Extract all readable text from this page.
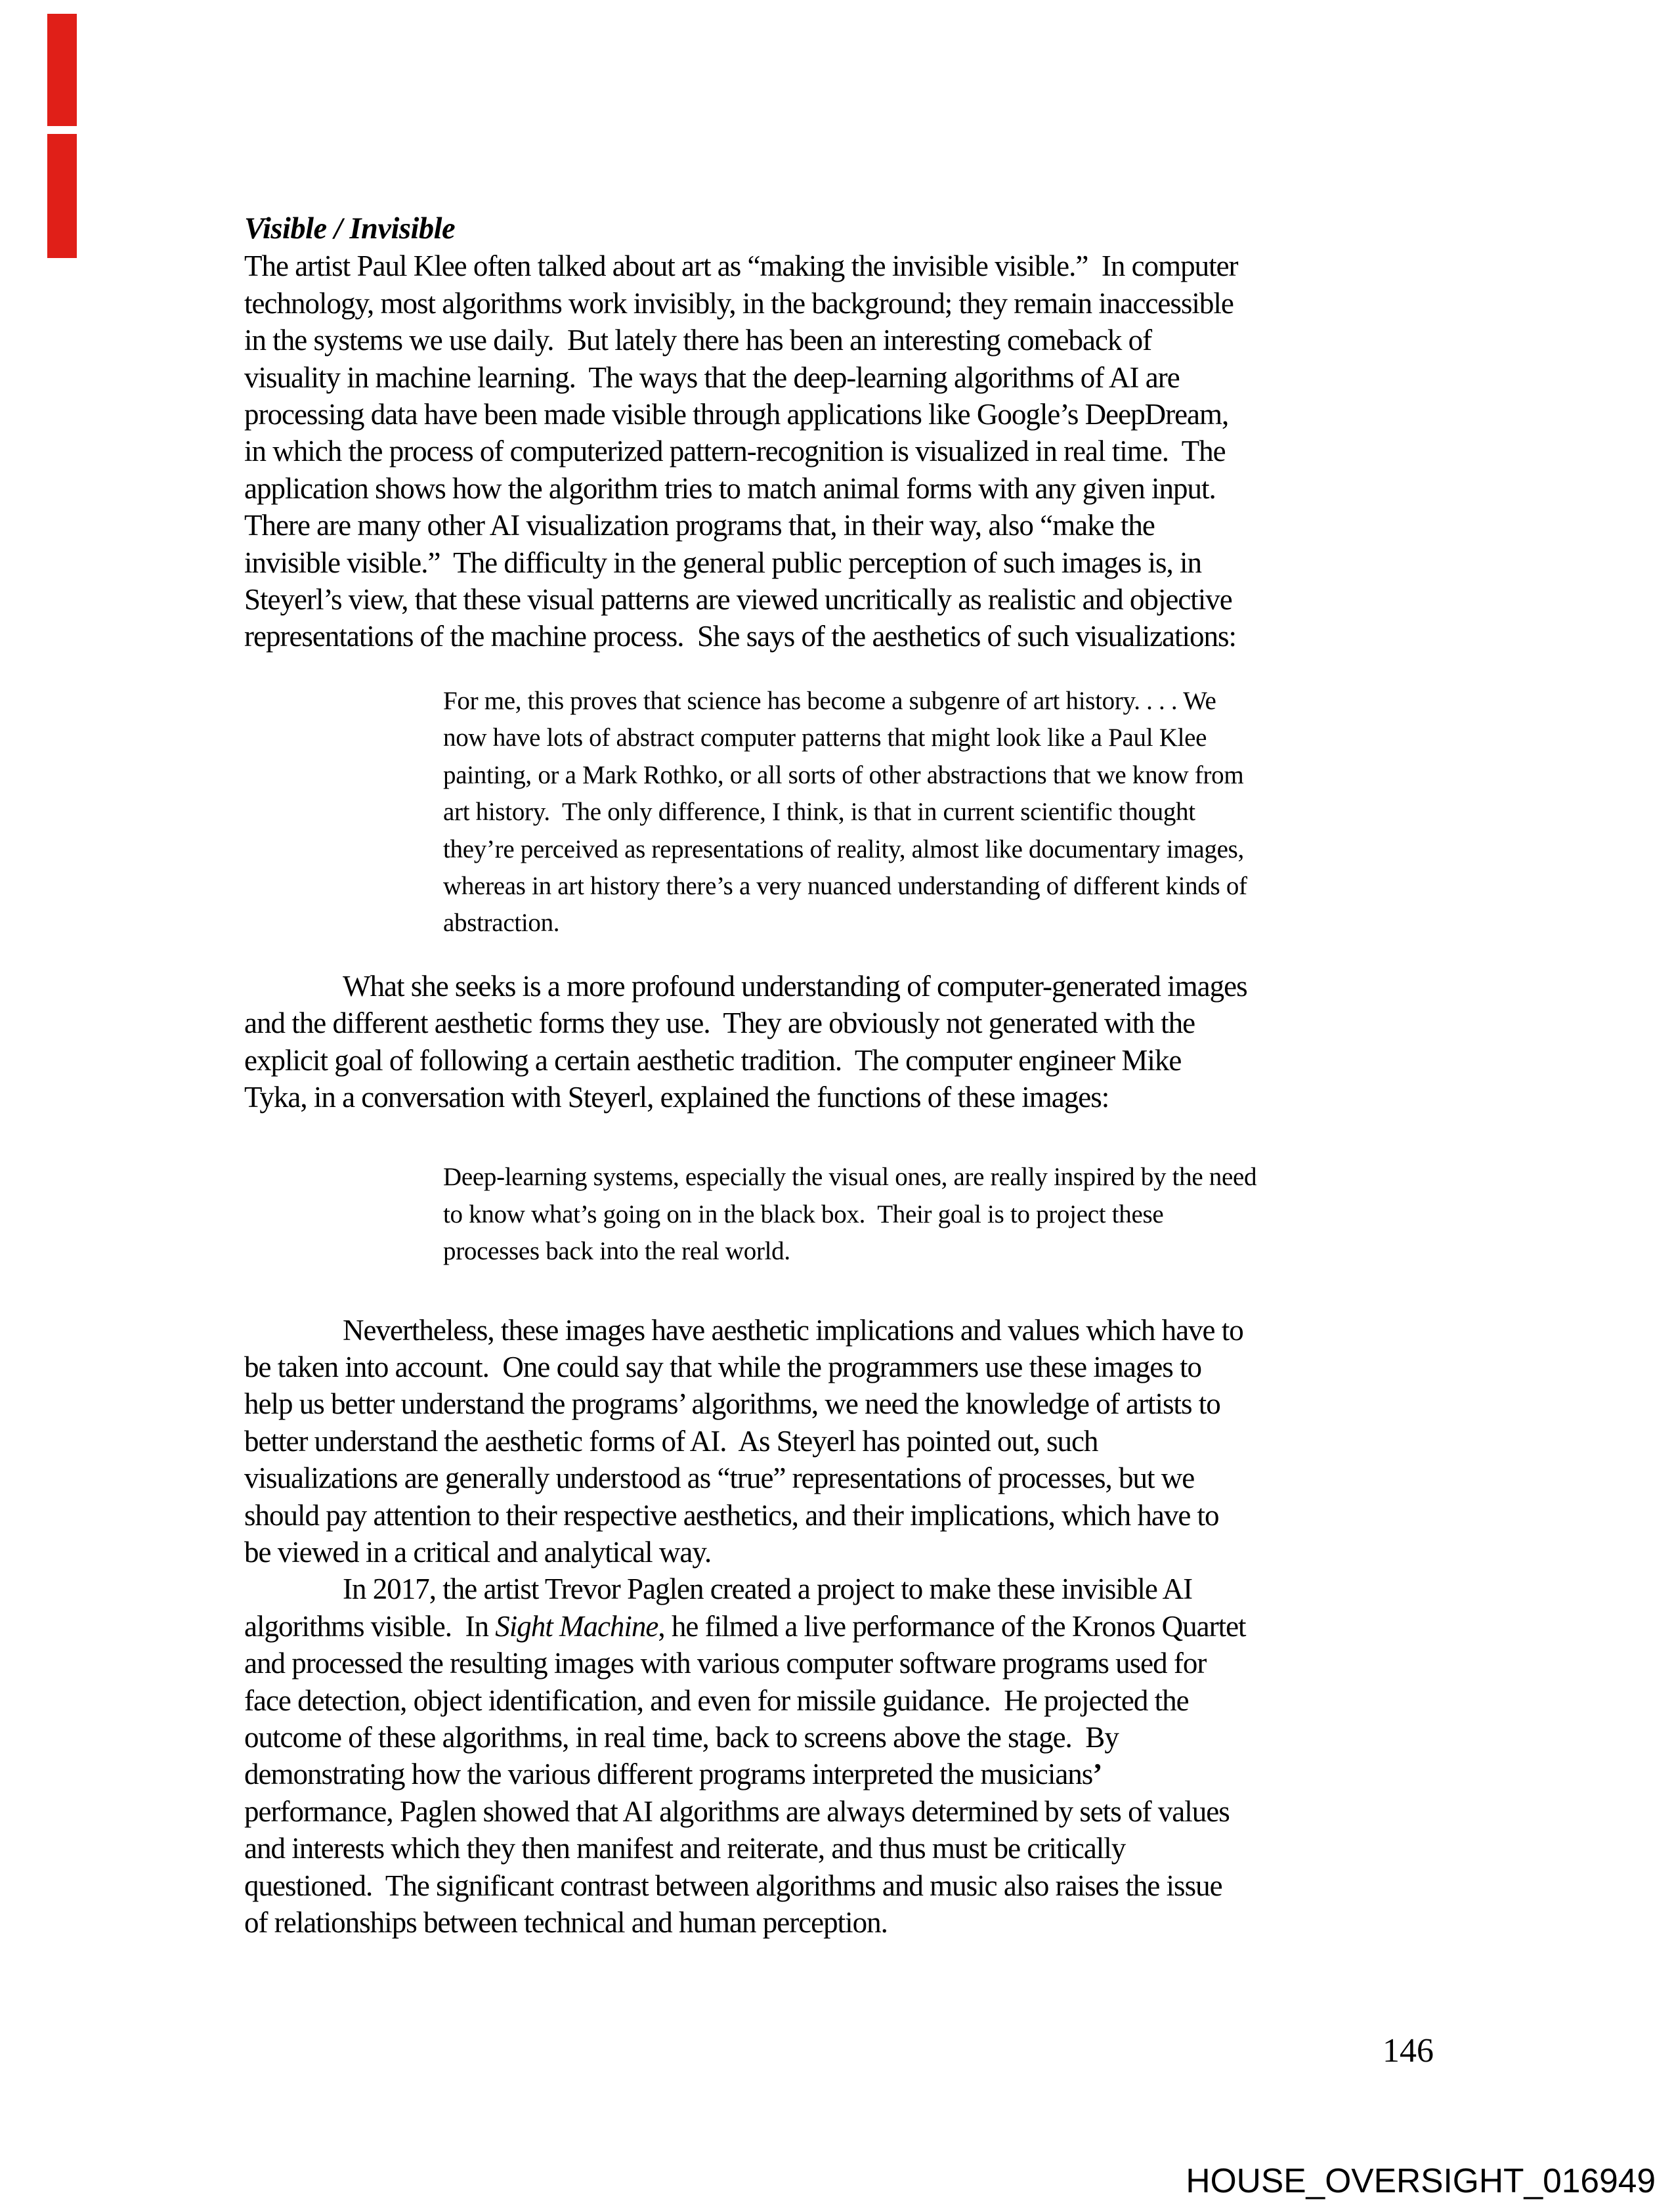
Visible / Invisible
The artist Paul Klee often talked about art as “making the invisible visible.”  In computer
technology, most algorithms work invisibly, in the background; they remain inaccessible
in the systems we use daily.  But lately there has been an interesting comeback of
visuality in machine learning.  The ways that the deep-learning algorithms of AI are
processing data have been made visible through applications like Google’s DeepDream,
in which the process of computerized pattern-recognition is visualized in real time.  The
application shows how the algorithm tries to match animal forms with any given input.
There are many other AI visualization programs that, in their way, also “make the
invisible visible.”  The difficulty in the general public perception of such images is, in
Steyerl’s view, that these visual patterns are viewed uncritically as realistic and objective
representations of the machine process.  She says of the aesthetics of such visualizations:
For me, this proves that science has become a subgenre of art history. . . . We
now have lots of abstract computer patterns that might look like a Paul Klee
painting, or a Mark Rothko, or all sorts of other abstractions that we know from
art history.  The only difference, I think, is that in current scientific thought
they’re perceived as representations of reality, almost like documentary images,
whereas in art history there’s a very nuanced understanding of different kinds of
abstraction.
What she seeks is a more profound understanding of computer-generated images
and the different aesthetic forms they use.  They are obviously not generated with the
explicit goal of following a certain aesthetic tradition.  The computer engineer Mike
Tyka, in a conversation with Steyerl, explained the functions of these images:
Deep-learning systems, especially the visual ones, are really inspired by the need
to know what’s going on in the black box.  Their goal is to project these
processes back into the real world.
Nevertheless, these images have aesthetic implications and values which have to
be taken into account.  One could say that while the programmers use these images to
help us better understand the programs’ algorithms, we need the knowledge of artists to
better understand the aesthetic forms of AI.  As Steyerl has pointed out, such
visualizations are generally understood as “true” representations of processes, but we
should pay attention to their respective aesthetics, and their implications, which have to
be viewed in a critical and analytical way.
In 2017, the artist Trevor Paglen created a project to make these invisible AI
algorithms visible.  In Sight Machine, he filmed a live performance of the Kronos Quartet
and processed the resulting images with various computer software programs used for
face detection, object identification, and even for missile guidance.  He projected the
outcome of these algorithms, in real time, back to screens above the stage.  By
demonstrating how the various different programs interpreted the musicians’
performance, Paglen showed that AI algorithms are always determined by sets of values
and interests which they then manifest and reiterate, and thus must be critically
questioned.  The significant contrast between algorithms and music also raises the issue
of relationships between technical and human perception.
146
HOUSE_OVERSIGHT_016949
